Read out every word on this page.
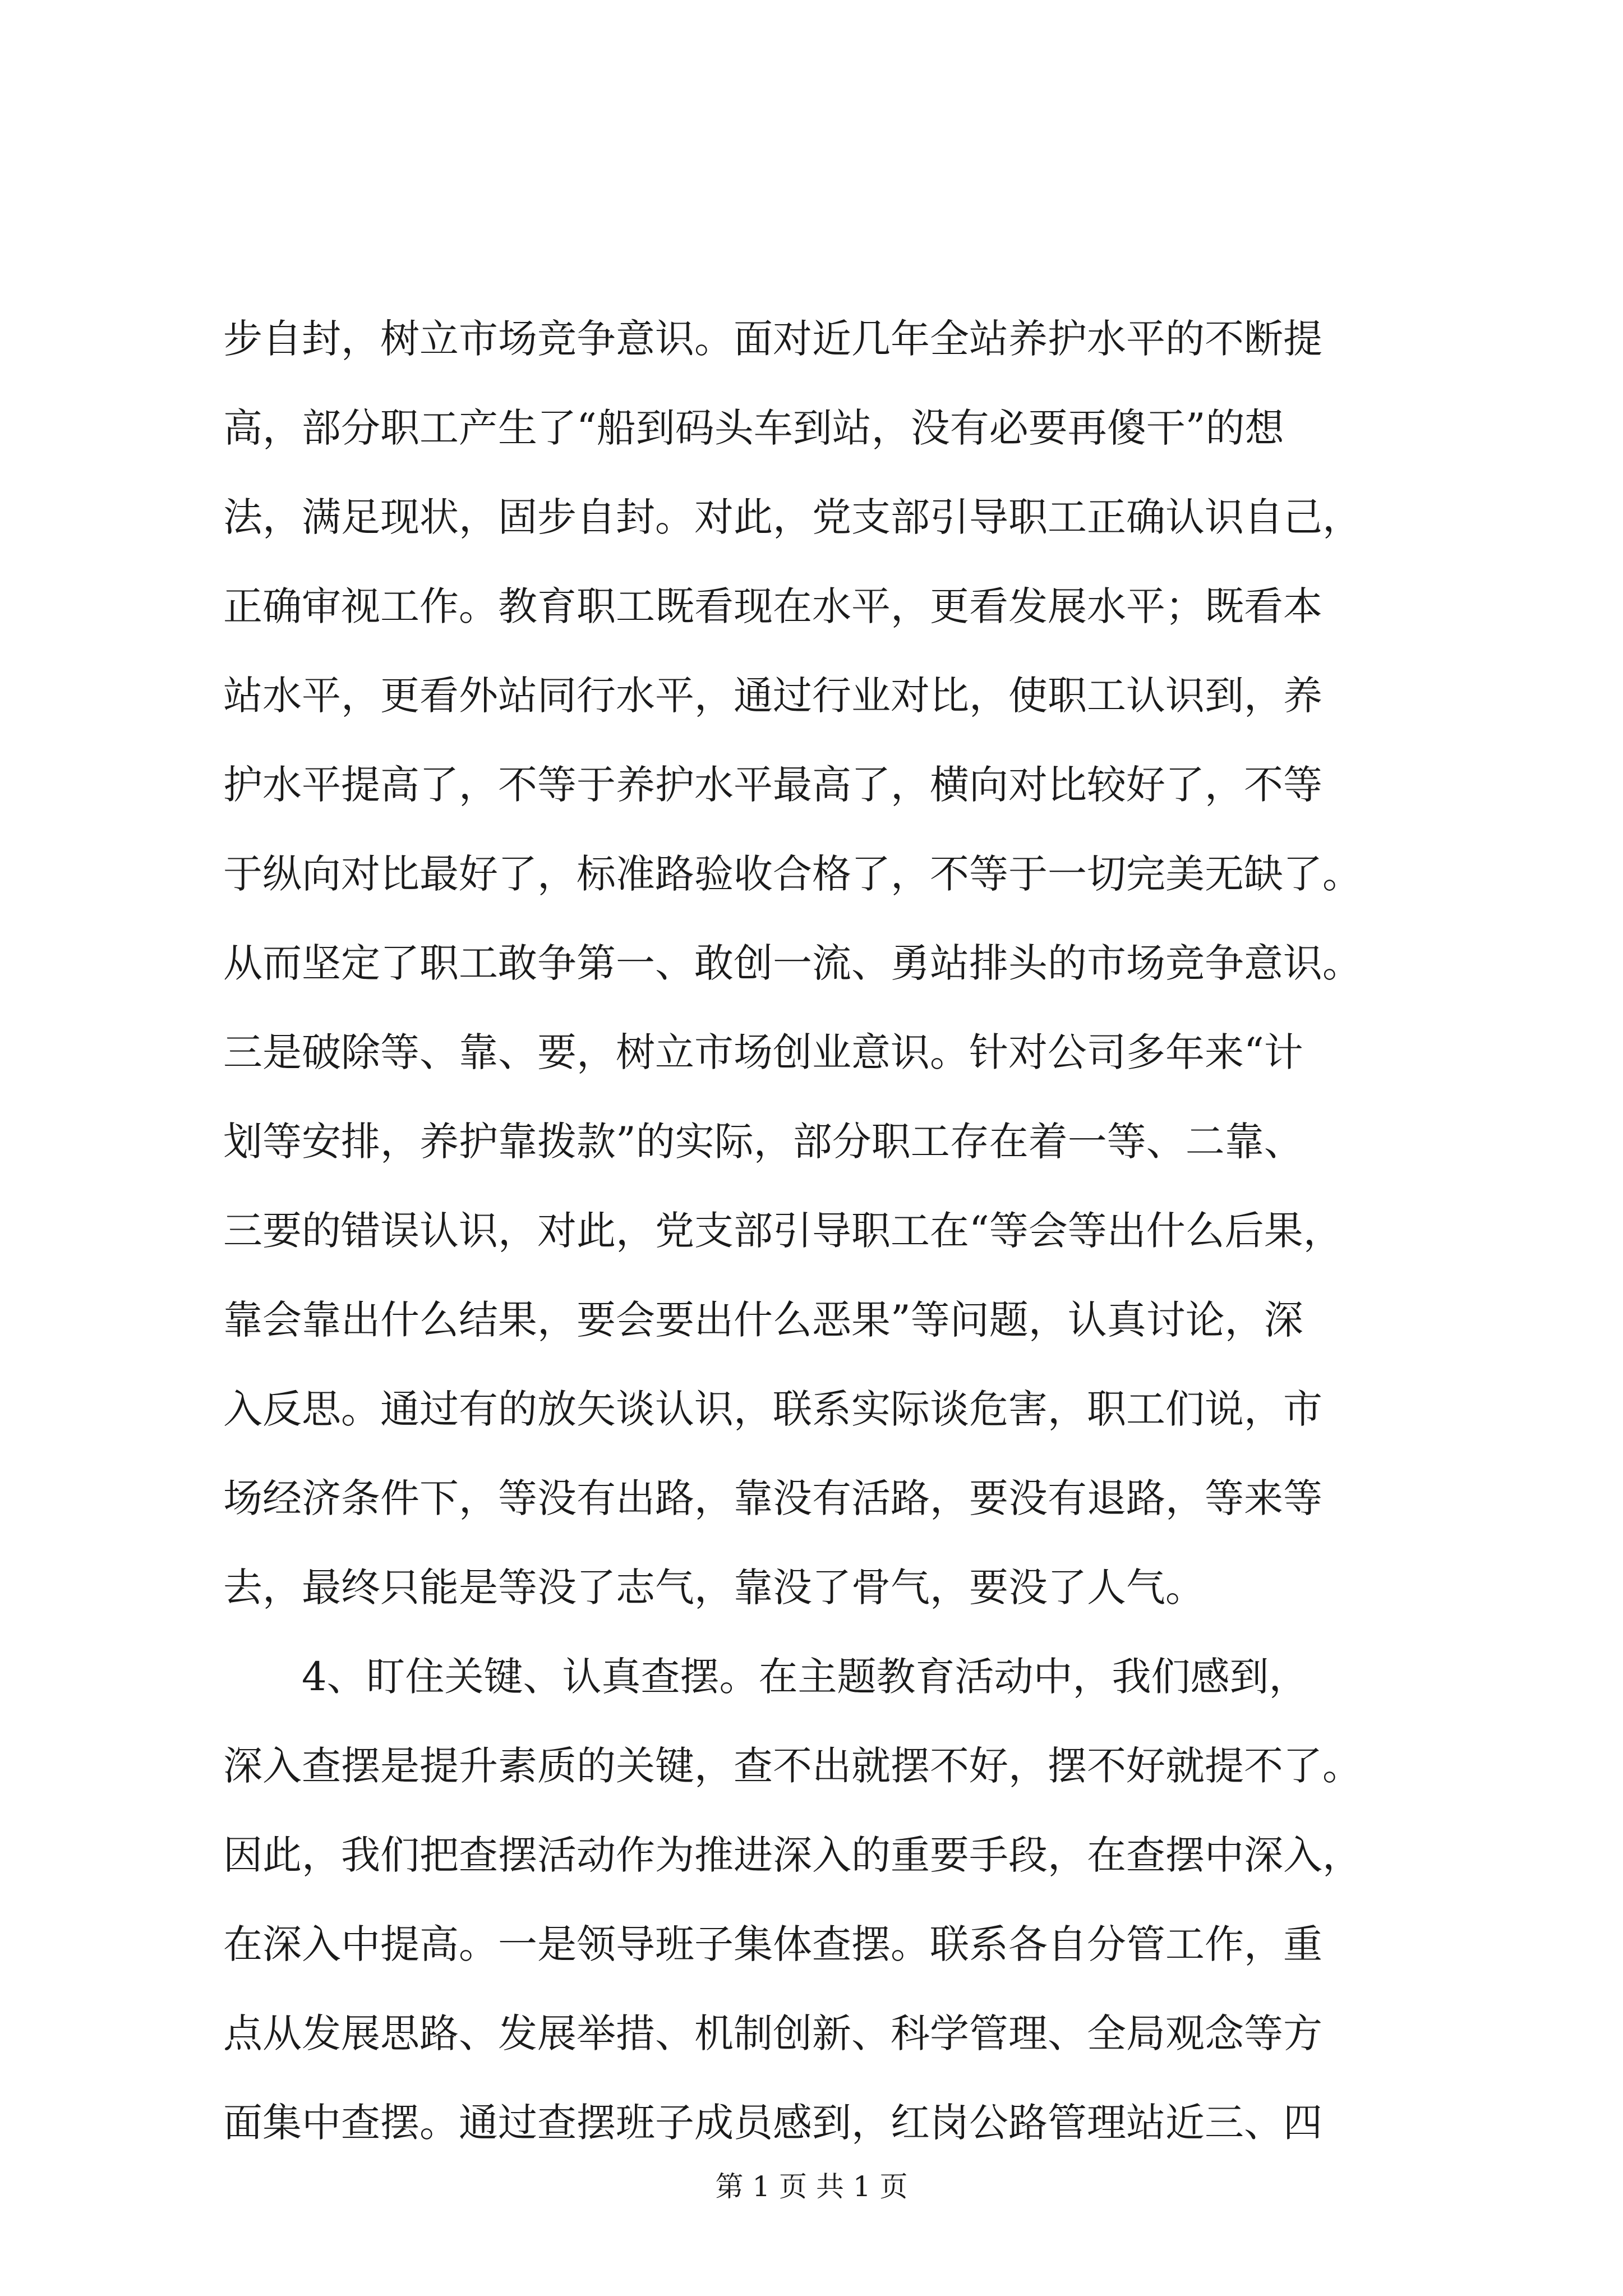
步自封，树立市场竞争意识。面对近几年全站养护水平的不断提
高，部分职工产生了“船到码头车到站，没有必要再傻干”的想
法，满足现状，固步自封。对此，党支部引导职工正确认识自己，
正确审视工作。教育职工既看现在水平，更看发展水平；既看本
站水平，更看外站同行水平，通过行业对比，使职工认识到，养
护水平提高了，不等于养护水平最高了，横向对比较好了，不等
于纵向对比最好了，标准路验收合格了，不等于一切完美无缺了。
从而坚定了职工敢争第一、敢创一流、勇站排头的市场竞争意识。
三是破除等、靠、要，树立市场创业意识。针对公司多年来“计
划等安排，养护靠拨款”的实际，部分职工存在着一等、二靠、
三要的错误认识，对此，党支部引导职工在“等会等出什么后果，
靠会靠出什么结果，要会要出什么恶果”等问题，认真讨论，深
入反思。通过有的放矢谈认识，联系实际谈危害，职工们说，市
场经济条件下，等没有出路，靠没有活路，要没有退路，等来等
去，最终只能是等没了志气，靠没了骨气，要没了人气。
　　4、盯住关键、认真查摆。在主题教育活动中，我们感到，
深入查摆是提升素质的关键，查不出就摆不好，摆不好就提不了。
因此，我们把查摆活动作为推进深入的重要手段，在查摆中深入，
在深入中提高。一是领导班子集体查摆。联系各自分管工作，重
点从发展思路、发展举措、机制创新、科学管理、全局观念等方
面集中查摆。通过查摆班子成员感到，红岗公路管理站近三、四
第 1 页 共 1 页
